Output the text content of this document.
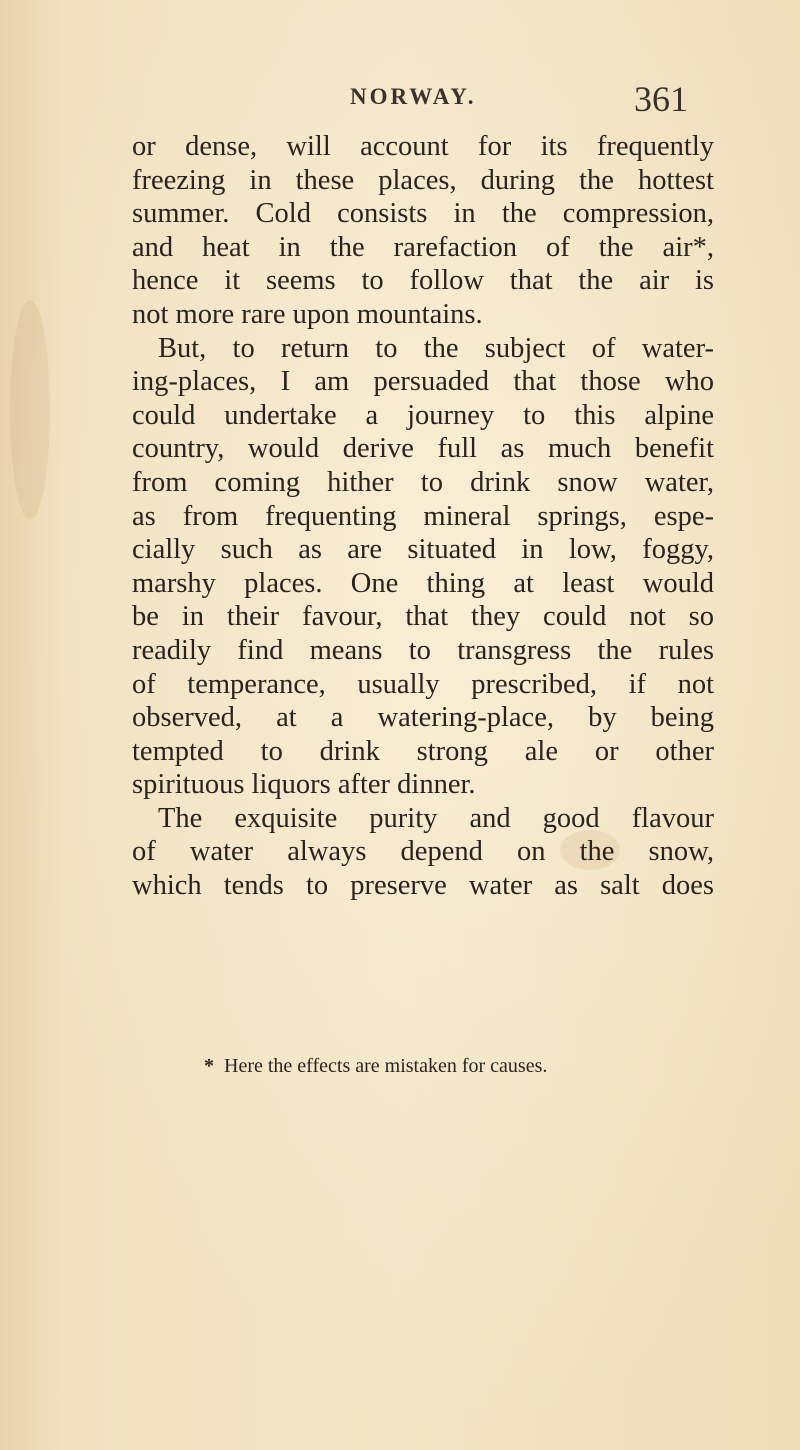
NORWAY.	361
or dense, will account for its frequently
freezing in these places, during the hottest
summer. Cold consists in the compression,
and heat in the rarefaction of the air*,
hence it seems to follow that the air is
not more rare upon mountains.
But, to return to the subject of water-
ing-places, I am persuaded that those who
could undertake a journey to this alpine
country, would derive full as much benefit
from coming hither to drink snow water,
as from frequenting mineral springs, espe-
cially such as are situated in low, foggy,
marshy places. One thing at least would
be in their favour, that they could not so
readily find means to transgress the rules
of temperance, usually prescribed, if not
observed, at a watering-place, by being
tempted to drink strong ale or other
spirituous liquors after dinner.
The exquisite purity and good flavour
of water always depend on the snow,
which tends to preserve water as salt does
* Here the effects are mistaken for causes.
